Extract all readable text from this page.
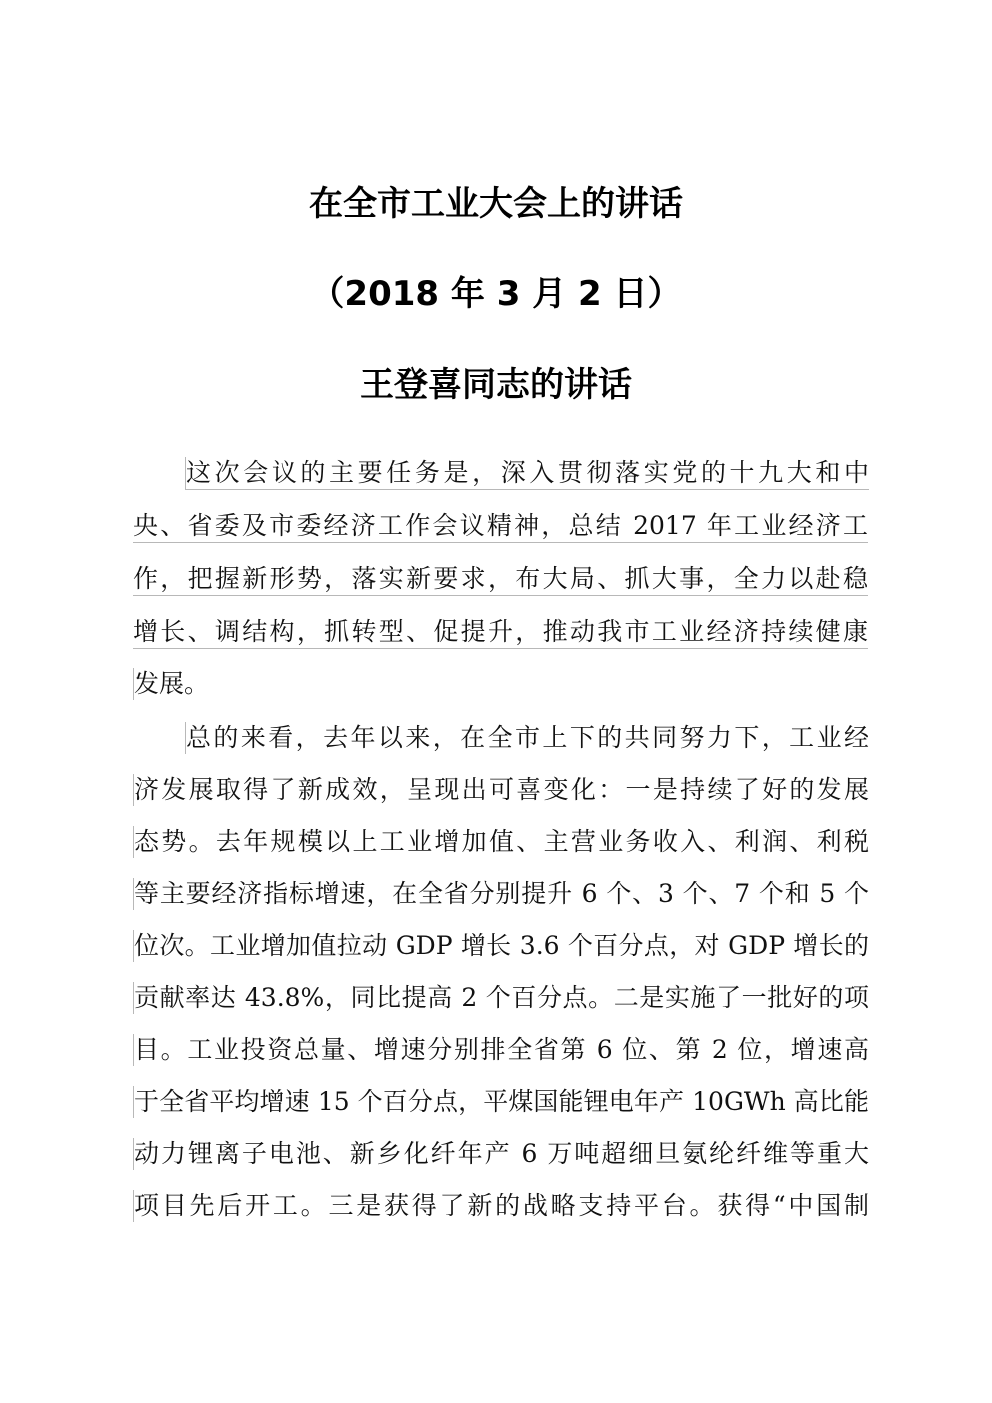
在全市工业大会上的讲话
（2018 年 3 月 2 日）
王登喜同志的讲话
这次会议的主要任务是，深入贯彻落实党的十九大和中
央、省委及市委经济工作会议精神，总结 2017 年工业经济工
作，把握新形势，落实新要求，布大局、抓大事，全力以赴稳
增长、调结构，抓转型、促提升，推动我市工业经济持续健康
发展。
总的来看，去年以来，在全市上下的共同努力下，工业经
济发展取得了新成效，呈现出可喜变化：一是持续了好的发展
态势。去年规模以上工业增加值、主营业务收入、利润、利税
等主要经济指标增速，在全省分别提升 6 个、3 个、7 个和 5 个
位次。工业增加值拉动 GDP 增长 3.6 个百分点，对 GDP 增长的
贡献率达 43.8%，同比提高 2 个百分点。二是实施了一批好的项
目。工业投资总量、增速分别排全省第 6 位、第 2 位，增速高
于全省平均增速 15 个百分点，平煤国能锂电年产 10GWh 高比能
动力锂离子电池、新乡化纤年产 6 万吨超细旦氨纶纤维等重大
项目先后开工。三是获得了新的战略支持平台。获得“中国制
